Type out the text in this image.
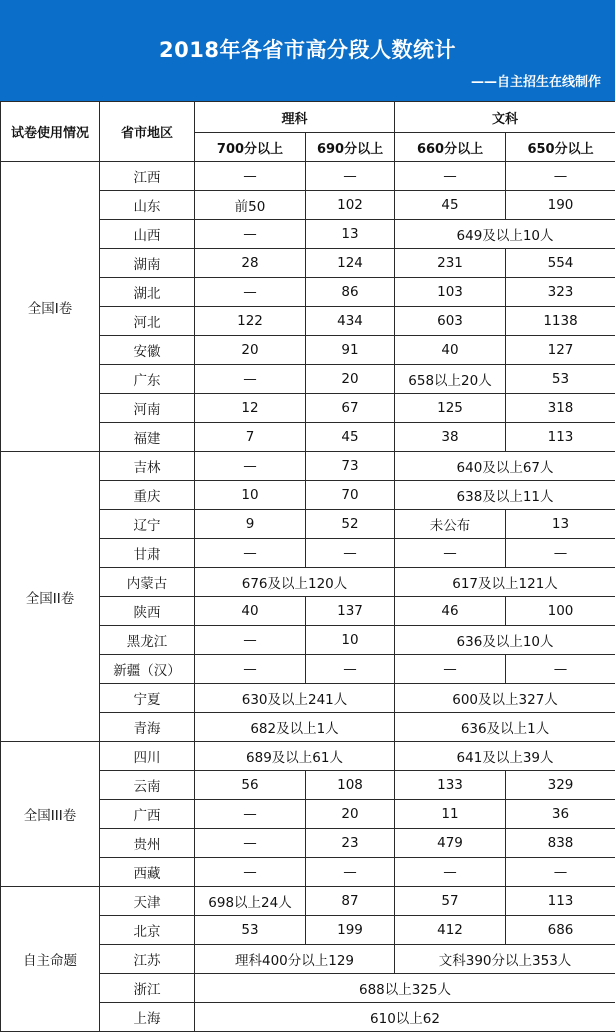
2018年各省市高分段人数统计
——自主招生在线制作
试卷使用情况	省市地区	理科		文科	
		700分以上	690分以上	660分以上	650分以上
全国I卷	江西	—	—	—	—
	山东	前50	102	45	190
	山西	—	13	649及以上10人	
	湖南	28	124	231	554
	湖北	—	86	103	323
	河北	122	434	603	1138
	安徽	20	91	40	127
	广东	—	20	658以上20人	53
	河南	12	67	125	318
	福建	7	45	38	113
全国II卷	吉林	—	73	640及以上67人	
	重庆	10	70	638及以上11人	
	辽宁	9	52	未公布	13
	甘肃	—	—	—	—
	内蒙古	676及以上120人		617及以上121人	
	陕西	40	137	46	100
	黑龙江	—	10	636及以上10人	
	新疆（汉）	—	—	—	—
	宁夏	630及以上241人		600及以上327人	
	青海	682及以上1人		636及以上1人	
全国III卷	四川	689及以上61人		641及以上39人	
	云南	56	108	133	329
	广西	—	20	11	36
	贵州	—	23	479	838
	西藏	—	—	—	—
自主命题	天津	698以上24人	87	57	113
	北京	53	199	412	686
	江苏	理科400分以上129		文科390分以上353人	
	浙江	688以上325人			
	上海	610以上62			
